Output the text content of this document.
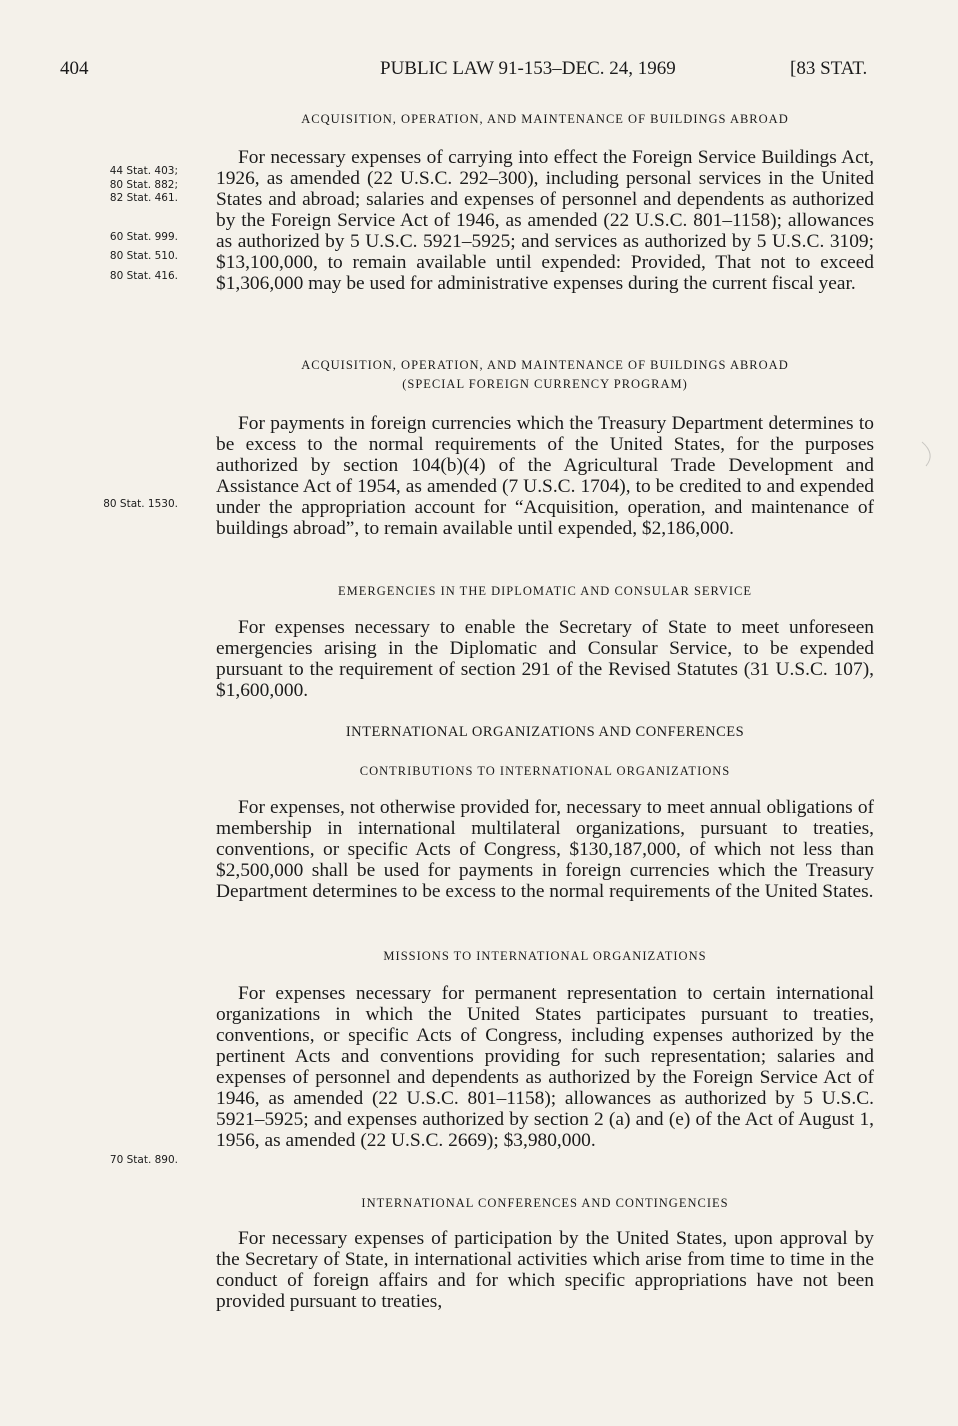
404	PUBLIC LAW 91-153–DEC. 24, 1969	[83 STAT.
ACQUISITION, OPERATION, AND MAINTENANCE OF BUILDINGS ABROAD

For necessary expenses of carrying into effect the Foreign Service Buildings Act, 1926, as amended (22 U.S.C. 292–300), including personal services in the United States and abroad; salaries and expenses of personnel and dependents as authorized by the Foreign Service Act of 1946, as amended (22 U.S.C. 801–1158); allowances as authorized by 5 U.S.C. 5921–5925; and services as authorized by 5 U.S.C. 3109; $13,100,000, to remain available until expended: Provided, That not to exceed $1,306,000 may be used for administrative expenses during the current fiscal year.

ACQUISITION, OPERATION, AND MAINTENANCE OF BUILDINGS ABROAD
(SPECIAL FOREIGN CURRENCY PROGRAM)

For payments in foreign currencies which the Treasury Department determines to be excess to the normal requirements of the United States, for the purposes authorized by section 104(b)(4) of the Agricultural Trade Development and Assistance Act of 1954, as amended (7 U.S.C. 1704), to be credited to and expended under the appropriation account for “Acquisition, operation, and maintenance of buildings abroad”, to remain available until expended, $2,186,000.

EMERGENCIES IN THE DIPLOMATIC AND CONSULAR SERVICE

For expenses necessary to enable the Secretary of State to meet unforeseen emergencies arising in the Diplomatic and Consular Service, to be expended pursuant to the requirement of section 291 of the Revised Statutes (31 U.S.C. 107), $1,600,000.

INTERNATIONAL ORGANIZATIONS AND CONFERENCES
CONTRIBUTIONS TO INTERNATIONAL ORGANIZATIONS

For expenses, not otherwise provided for, necessary to meet annual obligations of membership in international multilateral organizations, pursuant to treaties, conventions, or specific Acts of Congress, $130,187,000, of which not less than $2,500,000 shall be used for payments in foreign currencies which the Treasury Department determines to be excess to the normal requirements of the United States.

MISSIONS TO INTERNATIONAL ORGANIZATIONS

For expenses necessary for permanent representation to certain international organizations in which the United States participates pursuant to treaties, conventions, or specific Acts of Congress, including expenses authorized by the pertinent Acts and conventions providing for such representation; salaries and expenses of personnel and dependents as authorized by the Foreign Service Act of 1946, as amended (22 U.S.C. 801–1158); allowances as authorized by 5 U.S.C. 5921–5925; and expenses authorized by section 2 (a) and (e) of the Act of August 1, 1956, as amended (22 U.S.C. 2669); $3,980,000.

INTERNATIONAL CONFERENCES AND CONTINGENCIES

For necessary expenses of participation by the United States, upon approval by the Secretary of State, in international activities which arise from time to time in the conduct of foreign affairs and for which specific appropriations have not been provided pursuant to treaties,

44 Stat. 403;
80 Stat. 882;
82 Stat. 461.
60 Stat. 999.
80 Stat. 510.
80 Stat. 416.
80 Stat. 1530.
70 Stat. 890.
